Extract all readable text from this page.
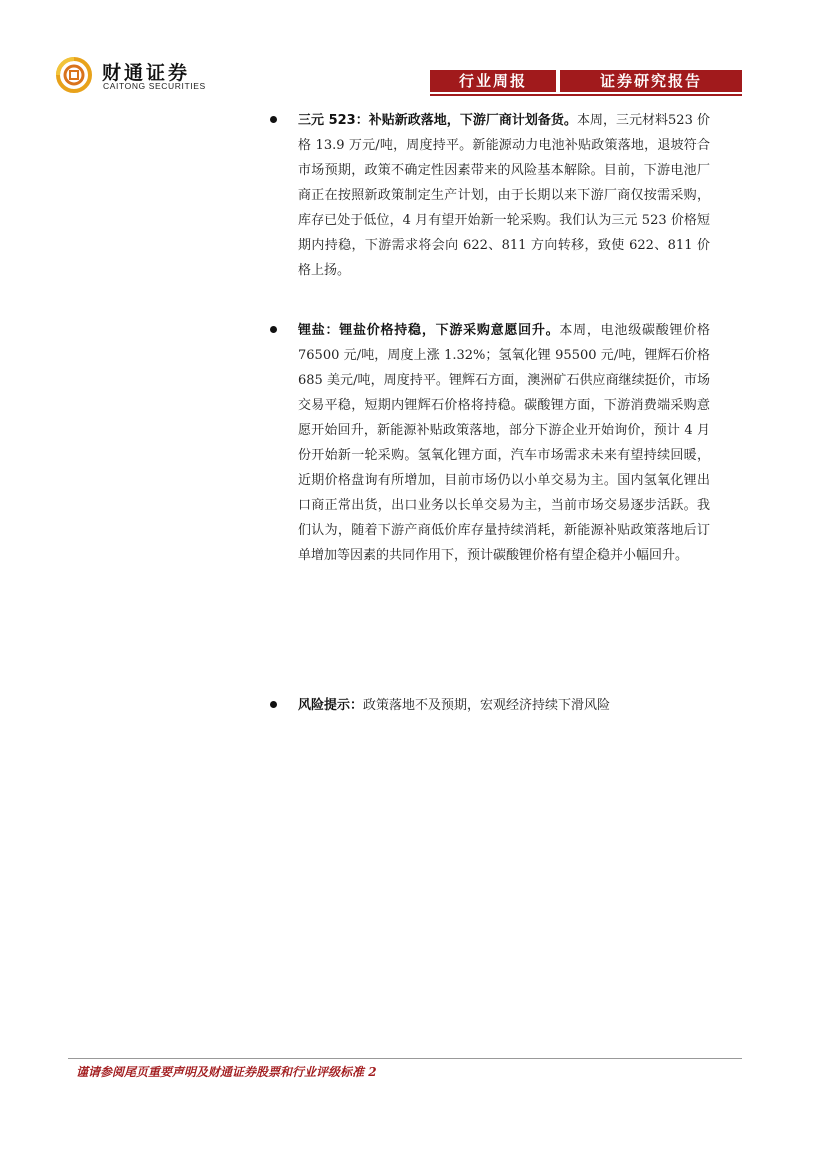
财通证券
CAITONG SECURITIES	行业周报	证券研究报告

三元 523：补贴新政落地，下游厂商计划备货。本周，三元材料523 价格 13.9 万元/吨，周度持平。新能源动力电池补贴政策落地，退坡符合市场预期，政策不确定性因素带来的风险基本解除。目前，下游电池厂商正在按照新政策制定生产计划，由于长期以来下游厂商仅按需采购，库存已处于低位，4 月有望开始新一轮采购。我们认为三元 523 价格短期内持稳，下游需求将会向 622、811 方向转移，致使 622、811 价格上扬。

锂盐：锂盐价格持稳，下游采购意愿回升。本周，电池级碳酸锂价格 76500 元/吨，周度上涨 1.32%；氢氧化锂 95500 元/吨，锂辉石价格 685 美元/吨，周度持平。锂辉石方面，澳洲矿石供应商继续挺价，市场交易平稳，短期内锂辉石价格将持稳。碳酸锂方面，下游消费端采购意愿开始回升，新能源补贴政策落地，部分下游企业开始询价，预计 4 月份开始新一轮采购。氢氧化锂方面，汽车市场需求未来有望持续回暖，近期价格盘询有所增加，目前市场仍以小单交易为主。国内氢氧化锂出口商正常出货，出口业务以长单交易为主，当前市场交易逐步活跃。我们认为，随着下游产商低价库存量持续消耗，新能源补贴政策落地后订单增加等因素的共同作用下，预计碳酸锂价格有望企稳并小幅回升。

风险提示：政策落地不及预期，宏观经济持续下滑风险

谨请参阅尾页重要声明及财通证券股票和行业评级标准 2
